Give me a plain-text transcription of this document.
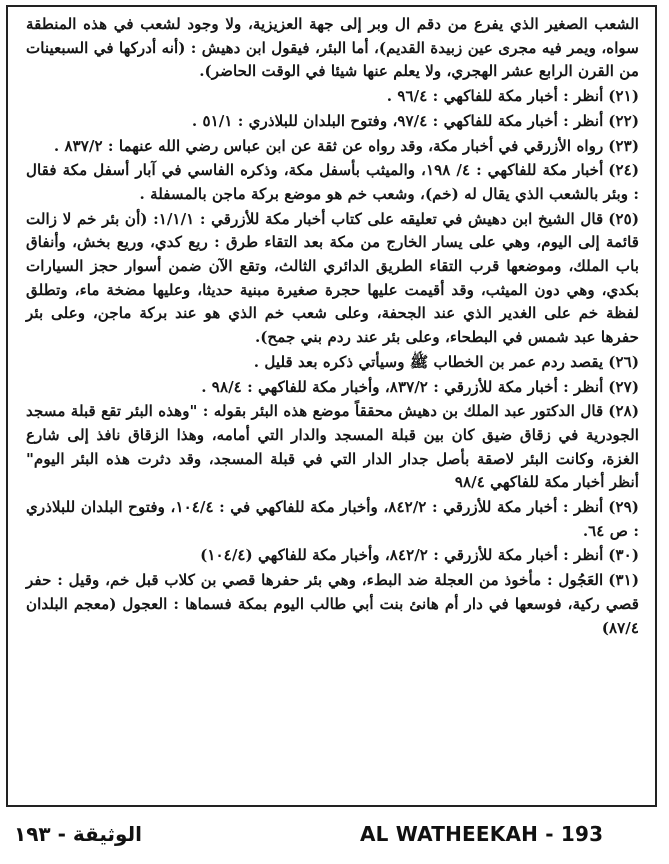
الشعب الصغير الذي يفرع من دقم ال وبر إلى جهة العزيزية، ولا وجود لشعب في هذه المنطقة سواه، ويمر فيه مجرى عين زبيدة القديم)، أما البئر، فيقول ابن دهيش : (أنه أدركها في السبعينات من القرن الرابع عشر الهجري، ولا يعلم عنها شيئا في الوقت الحاضر).

(٢١)أنظر : أخبار مكة للفاكهي : ٩٦/٤ .

(٢٢)أنظر : أخبار مكة للفاكهي : ٩٧/٤، وفتوح البلدان للبلاذري : ٥١/١ .

(٢٣)رواه الأزرقي في أخبار مكة، وقد رواه عن ثقة عن ابن عباس رضي الله عنهما : ٨٣٧/٢ .

(٢٤)أخبار مكة للفاكهي : ٤/ ١٩٨، والميثب بأسفل مكة، وذكره الفاسي في آبار أسفل مكة فقال : وبئر بالشعب الذي يقال له (خم)، وشعب خم هو موضع بركة ماجن بالمسفلة .

(٢٥)قال الشيخ ابن دهيش في تعليقه على كتاب أخبار مكة للأزرقي : ١/١/١: (أن بئر خم لا زالت قائمة إلى اليوم، وهي على يسار الخارج من مكة بعد التقاء طرق : ريع كدي، وريع بخش، وأنفاق باب الملك، وموضعها قرب التقاء الطريق الدائري الثالث، وتقع الآن ضمن أسوار حجز السيارات بكدي، وهي دون الميثب، وقد أقيمت عليها حجرة صغيرة مبنية حديثا، وعليها مضخة ماء، وتطلق لفظة خم على الغدير الذي عند الجحفة، وعلى شعب خم الذي هو عند بركة ماجن، وعلى بئر حفرها عبد شمس في البطحاء، وعلى بئر عند ردم بني جمح).

(٢٦)يقصد ردم عمر بن الخطاب ﷺ وسيأتي ذكره بعد قليل .

(٢٧)أنظر : أخبار مكة للأزرقي : ٨٣٧/٢، وأخبار مكة للفاكهي : ٩٨/٤ .

(٢٨)قال الدكتور عبد الملك بن دهيش محققاً موضع هذه البئر بقوله : "وهذه البئر تقع قبلة مسجد الجودرية في زقاق ضيق كان بين قبلة المسجد والدار التي أمامه، وهذا الزقاق نافذ إلى شارع الغزة، وكانت البئر لاصقة بأصل جدار الدار التي في قبلة المسجد، وقد دثرت هذه البئر اليوم" أنظر أخبار مكة للفاكهي ٩٨/٤

(٢٩)أنظر : أخبار مكة للأزرقي : ٨٤٢/٢، وأخبار مكة للفاكهي في : ١٠٤/٤، وفتوح البلدان للبلاذري : ص ٦٤.

(٣٠)أنظر : أخبار مكة للأزرقي : ٨٤٢/٢، وأخبار مكة للفاكهي (١٠٤/٤)

(٣١)العَجُول : مأخوذ من العجلة ضد البطء، وهي بئر حفرها قصي بن كلاب قبل خم، وقيل : حفر قصي ركية، فوسعها في دار أم هانئ بنت أبي طالب اليوم بمكة فسماها : العجول (معجم البلدان ٨٧/٤)

AL WATHEEKAH - 193
الوثيقة - ١٩٣
